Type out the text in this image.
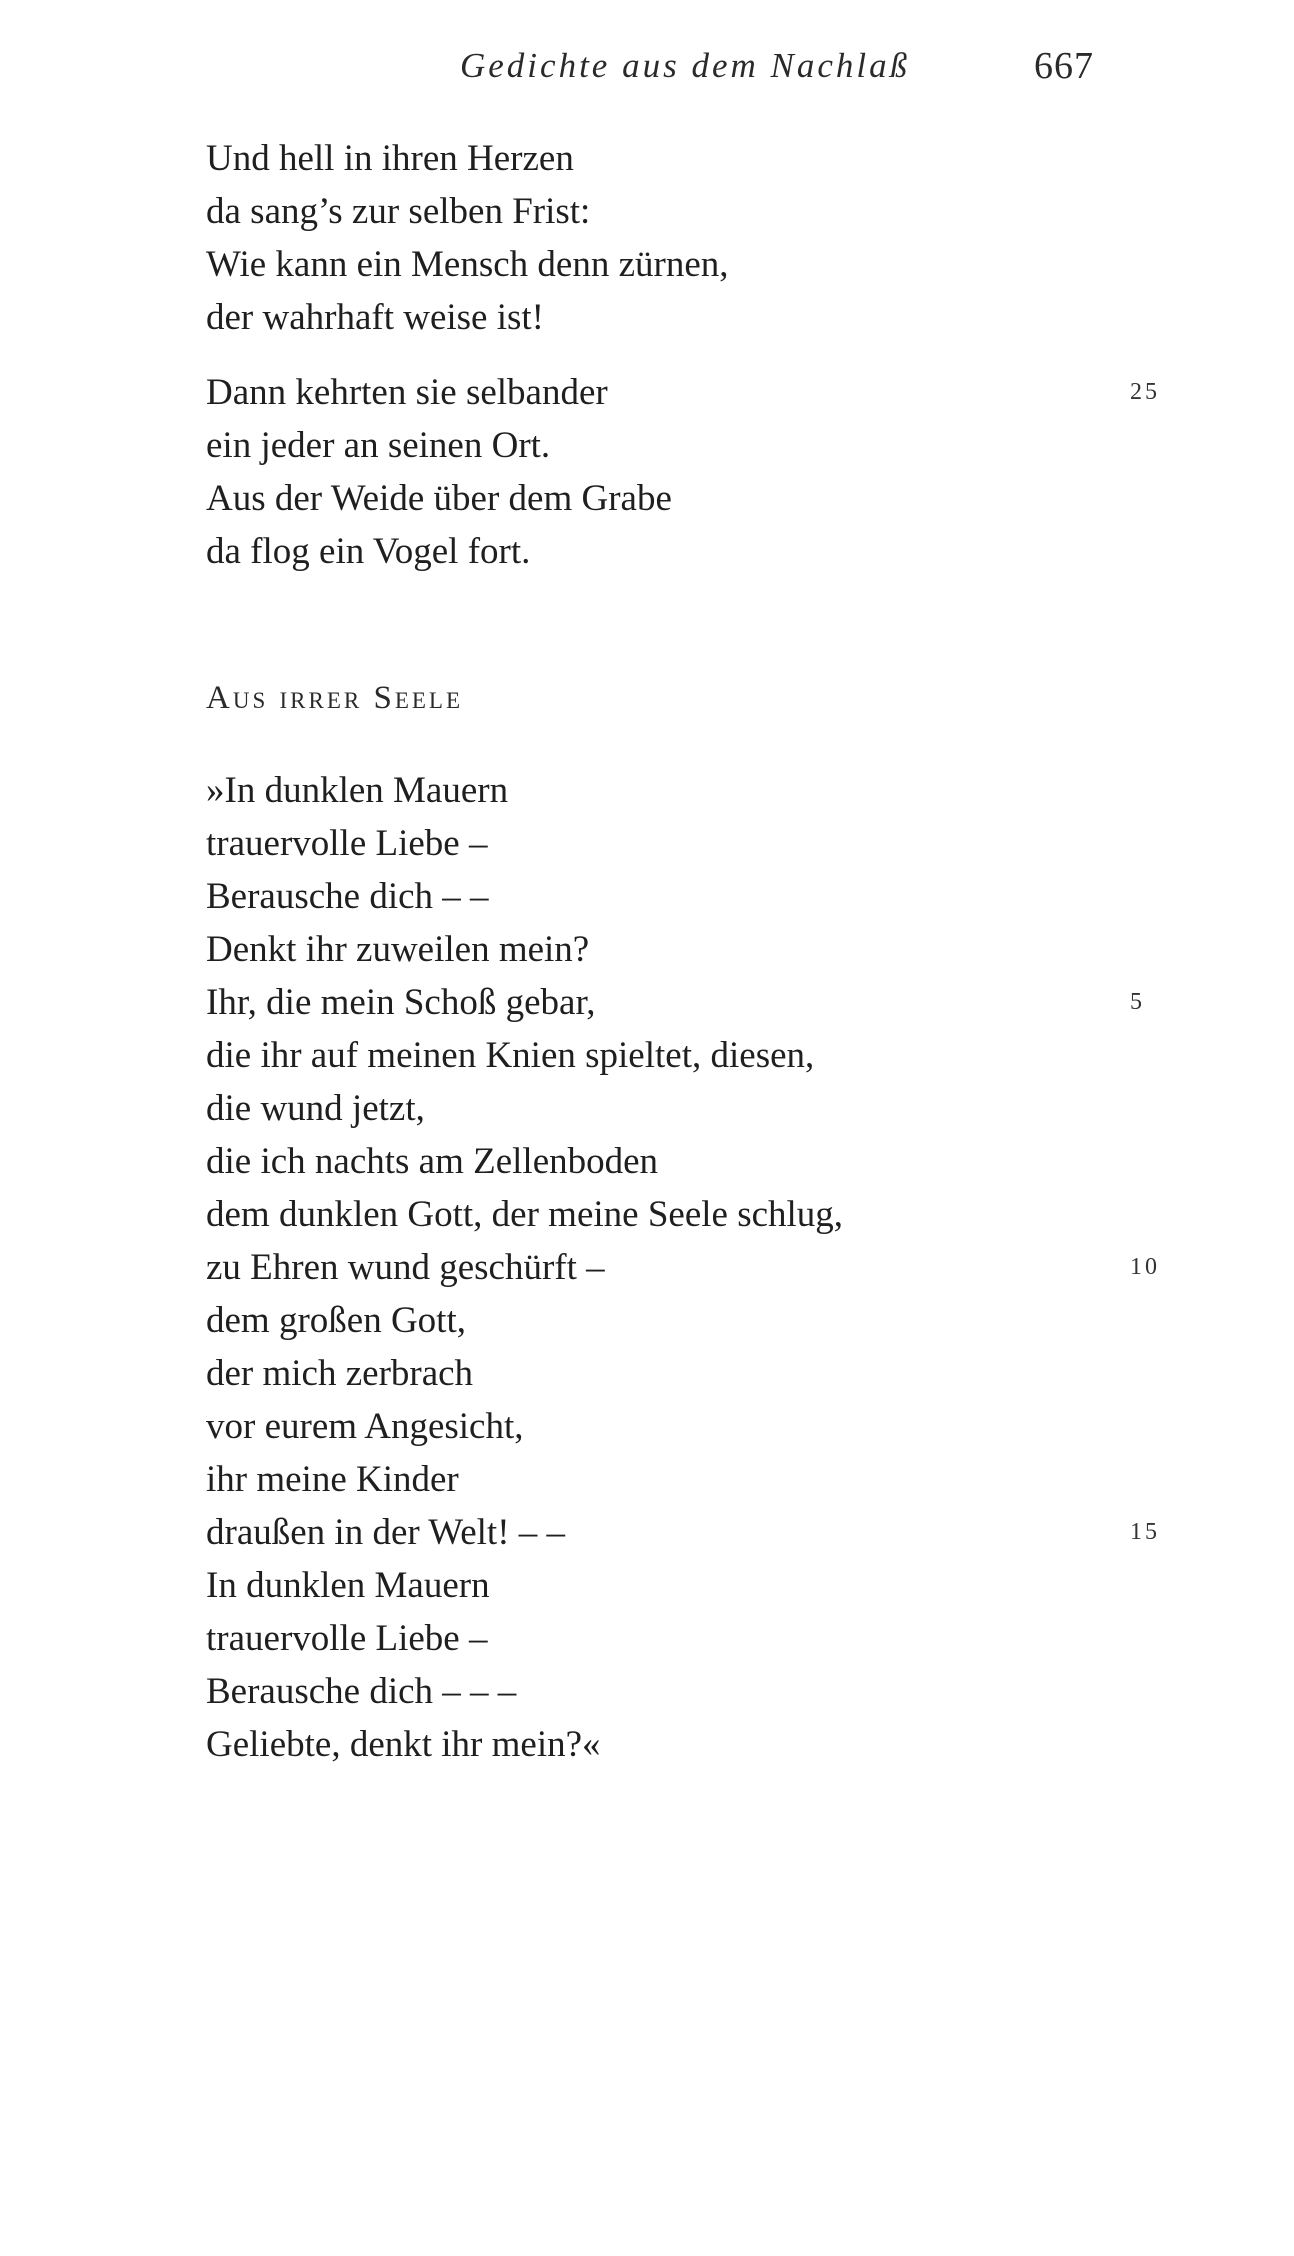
Gedichte aus dem Nachlaß	667
Und hell in ihren Herzen
da sang’s zur selben Frist:
Wie kann ein Mensch denn zürnen,
der wahrhaft weise ist!
Dann kehrten sie selbander	25
ein jeder an seinen Ort.
Aus der Weide über dem Grabe
da flog ein Vogel fort.
Aus irrer Seele
»In dunklen Mauern
trauervolle Liebe –
Berausche dich – –
Denkt ihr zuweilen mein?
Ihr, die mein Schoß gebar,	5
die ihr auf meinen Knien spieltet, diesen,
die wund jetzt,
die ich nachts am Zellenboden
dem dunklen Gott, der meine Seele schlug,
zu Ehren wund geschürft –	10
dem großen Gott,
der mich zerbrach
vor eurem Angesicht,
ihr meine Kinder
draußen in der Welt! – –	15
In dunklen Mauern
trauervolle Liebe –
Berausche dich – – –
Geliebte, denkt ihr mein?«
